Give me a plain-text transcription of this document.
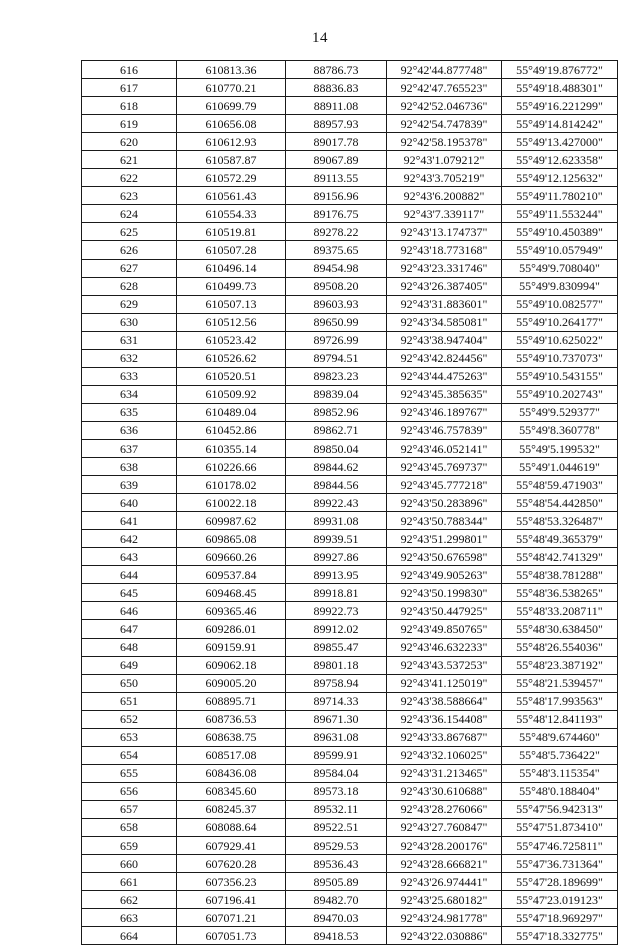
14
616	610813.36	88786.73	92°42'44.877748"	55°49'19.876772"
617	610770.21	88836.83	92°42'47.765523"	55°49'18.488301"
618	610699.79	88911.08	92°42'52.046736"	55°49'16.221299"
619	610656.08	88957.93	92°42'54.747839"	55°49'14.814242"
620	610612.93	89017.78	92°42'58.195378"	55°49'13.427000"
621	610587.87	89067.89	92°43'1.079212"	55°49'12.623358"
622	610572.29	89113.55	92°43'3.705219"	55°49'12.125632"
623	610561.43	89156.96	92°43'6.200882"	55°49'11.780210"
624	610554.33	89176.75	92°43'7.339117"	55°49'11.553244"
625	610519.81	89278.22	92°43'13.174737"	55°49'10.450389"
626	610507.28	89375.65	92°43'18.773168"	55°49'10.057949"
627	610496.14	89454.98	92°43'23.331746"	55°49'9.708040"
628	610499.73	89508.20	92°43'26.387405"	55°49'9.830994"
629	610507.13	89603.93	92°43'31.883601"	55°49'10.082577"
630	610512.56	89650.99	92°43'34.585081"	55°49'10.264177"
631	610523.42	89726.99	92°43'38.947404"	55°49'10.625022"
632	610526.62	89794.51	92°43'42.824456"	55°49'10.737073"
633	610520.51	89823.23	92°43'44.475263"	55°49'10.543155"
634	610509.92	89839.04	92°43'45.385635"	55°49'10.202743"
635	610489.04	89852.96	92°43'46.189767"	55°49'9.529377"
636	610452.86	89862.71	92°43'46.757839"	55°49'8.360778"
637	610355.14	89850.04	92°43'46.052141"	55°49'5.199532"
638	610226.66	89844.62	92°43'45.769737"	55°49'1.044619"
639	610178.02	89844.56	92°43'45.777218"	55°48'59.471903"
640	610022.18	89922.43	92°43'50.283896"	55°48'54.442850"
641	609987.62	89931.08	92°43'50.788344"	55°48'53.326487"
642	609865.08	89939.51	92°43'51.299801"	55°48'49.365379"
643	609660.26	89927.86	92°43'50.676598"	55°48'42.741329"
644	609537.84	89913.95	92°43'49.905263"	55°48'38.781288"
645	609468.45	89918.81	92°43'50.199830"	55°48'36.538265"
646	609365.46	89922.73	92°43'50.447925"	55°48'33.208711"
647	609286.01	89912.02	92°43'49.850765"	55°48'30.638450"
648	609159.91	89855.47	92°43'46.632233"	55°48'26.554036"
649	609062.18	89801.18	92°43'43.537253"	55°48'23.387192"
650	609005.20	89758.94	92°43'41.125019"	55°48'21.539457"
651	608895.71	89714.33	92°43'38.588664"	55°48'17.993563"
652	608736.53	89671.30	92°43'36.154408"	55°48'12.841193"
653	608638.75	89631.08	92°43'33.867687"	55°48'9.674460"
654	608517.08	89599.91	92°43'32.106025"	55°48'5.736422"
655	608436.08	89584.04	92°43'31.213465"	55°48'3.115354"
656	608345.60	89573.18	92°43'30.610688"	55°48'0.188404"
657	608245.37	89532.11	92°43'28.276066"	55°47'56.942313"
658	608088.64	89522.51	92°43'27.760847"	55°47'51.873410"
659	607929.41	89529.53	92°43'28.200176"	55°47'46.725811"
660	607620.28	89536.43	92°43'28.666821"	55°47'36.731364"
661	607356.23	89505.89	92°43'26.974441"	55°47'28.189699"
662	607196.41	89482.70	92°43'25.680182"	55°47'23.019123"
663	607071.21	89470.03	92°43'24.981778"	55°47'18.969297"
664	607051.73	89418.53	92°43'22.030886"	55°47'18.332775"
